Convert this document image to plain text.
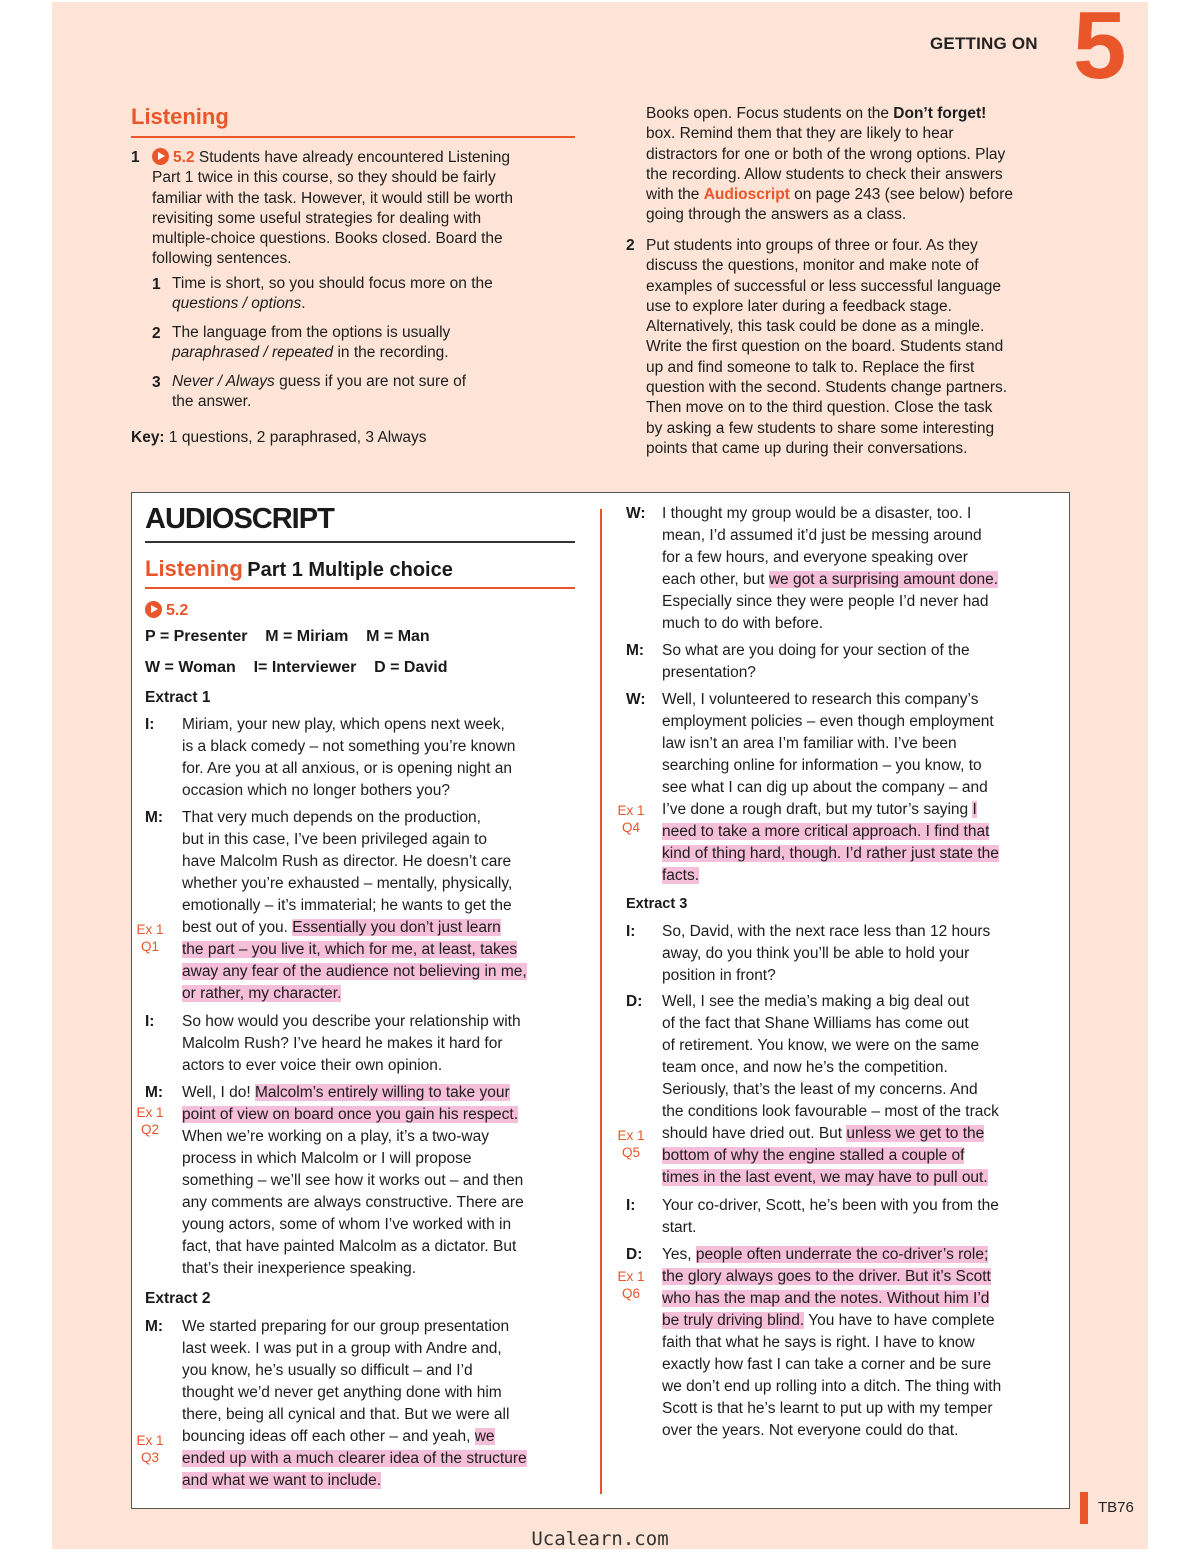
GETTING ON 5
Listening
1	5.2 Students have already encountered Listening
Part 1 twice in this course, so they should be fairly
familiar with the task. However, it would still be worth
revisiting some useful strategies for dealing with
multiple-choice questions. Books closed. Board the
following sentences.
1 Time is short, so you should focus more on the
questions / options.
2 The language from the options is usually
paraphrased / repeated in the recording.
3 Never / Always guess if you are not sure of
the answer.
Key: 1 questions, 2 paraphrased, 3 Always
Books open. Focus students on the Don’t forget!
box. Remind them that they are likely to hear
distractors for one or both of the wrong options. Play
the recording. Allow students to check their answers
with the Audioscript on page 243 (see below) before
going through the answers as a class.
2 Put students into groups of three or four. As they
discuss the questions, monitor and make note of
examples of successful or less successful language
use to explore later during a feedback stage.
Alternatively, this task could be done as a mingle.
Write the first question on the board. Students stand
up and find someone to talk to. Replace the first
question with the second. Students change partners.
Then move on to the third question. Close the task
by asking a few students to share some interesting
points that came up during their conversations.
AUDIOSCRIPT
Listening Part 1 Multiple choice
5.2
P = Presenter    M = Miriam    M = Man
W = Woman    I= Interviewer    D = David
Extract 1
I: Miriam, your new play, which opens next week,
is a black comedy – not something you’re known
for. Are you at all anxious, or is opening night an
occasion which no longer bothers you?
M: That very much depends on the production,
but in this case, I’ve been privileged again to
have Malcolm Rush as director. He doesn’t care
whether you’re exhausted – mentally, physically,
emotionally – it’s immaterial; he wants to get the
best out of you. Essentially you don’t just learn
the part – you live it, which for me, at least, takes
away any fear of the audience not believing in me,
or rather, my character.
Ex 1
Q1
I: So how would you describe your relationship with
Malcolm Rush? I’ve heard he makes it hard for
actors to ever voice their own opinion.
M: Well, I do! Malcolm’s entirely willing to take your
point of view on board once you gain his respect.
When we’re working on a play, it’s a two-way
process in which Malcolm or I will propose
something – we’ll see how it works out – and then
any comments are always constructive. There are
young actors, some of whom I’ve worked with in
fact, that have painted Malcolm as a dictator. But
that’s their inexperience speaking.
Ex 1
Q2
Extract 2
M: We started preparing for our group presentation
last week. I was put in a group with Andre and,
you know, he’s usually so difficult – and I’d
thought we’d never get anything done with him
there, being all cynical and that. But we were all
bouncing ideas off each other – and yeah, we
ended up with a much clearer idea of the structure
and what we want to include.
Ex 1
Q3
W: I thought my group would be a disaster, too. I
mean, I’d assumed it’d just be messing around
for a few hours, and everyone speaking over
each other, but we got a surprising amount done.
Especially since they were people I’d never had
much to do with before.
M: So what are you doing for your section of the
presentation?
W: Well, I volunteered to research this company’s
employment policies – even though employment
law isn’t an area I’m familiar with. I’ve been
searching online for information – you know, to
see what I can dig up about the company – and
I’ve done a rough draft, but my tutor’s saying I
need to take a more critical approach. I find that
kind of thing hard, though. I’d rather just state the
facts.
Ex 1
Q4
Extract 3
I: So, David, with the next race less than 12 hours
away, do you think you’ll be able to hold your
position in front?
D: Well, I see the media’s making a big deal out
of the fact that Shane Williams has come out
of retirement. You know, we were on the same
team once, and now he’s the competition.
Seriously, that’s the least of my concerns. And
the conditions look favourable – most of the track
should have dried out. But unless we get to the
bottom of why the engine stalled a couple of
times in the last event, we may have to pull out.
Ex 1
Q5
I: Your co-driver, Scott, he’s been with you from the
start.
D: Yes, people often underrate the co-driver’s role;
the glory always goes to the driver. But it’s Scott
who has the map and the notes. Without him I’d
be truly driving blind. You have to have complete
faith that what he says is right. I have to know
exactly how fast I can take a corner and be sure
we don’t end up rolling into a ditch. The thing with
Scott is that he’s learnt to put up with my temper
over the years. Not everyone could do that.
Ex 1
Q6
TB76
Ucalearn.com
